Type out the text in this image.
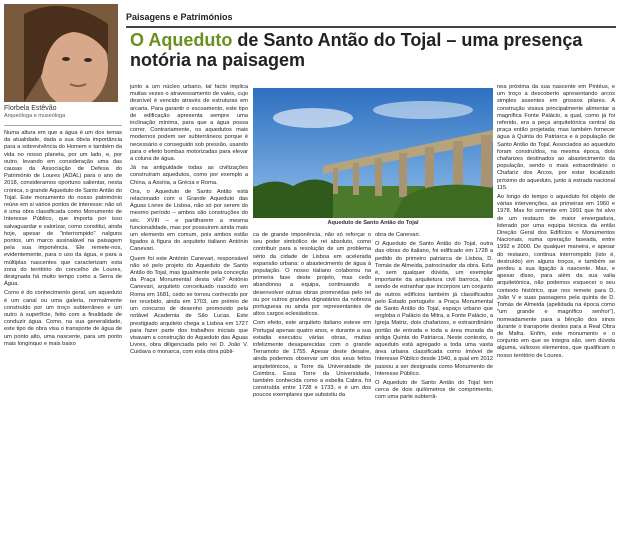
Florbela Estêvão
Arqueóloga e museóloga

Numa altura em que a água é um dos temas da atualidade, dada a sua óbvia importância para a sobrevivência do Homem e também da vida no nosso planeta, por um lado, e, por outro, levando em consideração uma das causas da Associação de Defesa do Património de Loures (ADAL) para o ano de 2018, consideramos oportuno salientar, nesta crónica, o grande Aqueduto de Santo Antão do Tojal. Este monumento do nosso património reúne em si vários pontos de interesse: não só é uma obra classificada como Monumento de Interesse Público, que importa por isso salvaguardar e valorizar, como constitui, ainda hoje, apesar de "interrompido" nalguns pontos, um marco assinalável na paisagem pela sua imponência. Ele remete-nos, evidentemente, para o uso da água, e para a múltiplas nascentes que caracterizam esta zona do território do concelho de Loures, designada há muito tempo como a Serra de Água.

Como é do conhecimento geral, um aqueduto é um canal ou uma galeria, normalmente construído por um troço subterrâneo e um outro à superfície, feito com a finalidade de conduzir água. Como, na sua generalidade, este tipo de obra visa o transporte de água de um ponto alto, uma nascente, para um ponto mais longinquo e mais baixo

Paisagens e Patrimónios
O Aqueduto de Santo Antão do Tojal – uma presença notória na paisagem

junto a um núcleo urbano, tal facto implica muitas vezes o atravessamento de vales, cujo desnível é vencido através de estruturas em arcaria. Para garantir o escoamento, este tipo de edificação apresenta sempre uma inclinação mínima, para que a água possa correr. Contrariamente, os aquedutos mais modernos podem ser subterrâneos porque é necessário e conseguido sob pressão, usando para o efeito bombas motorizadas para elevar a coluna de água.

Já na antiguidade todas as civilizações construíram aquedutos, como por exemplo a China, a Assíria, a Grécia e Roma.

Ora, o Aqueduto de Santo Antão está relacionado com o Grande Aqueduto das Águas Livres de Lisboa, não só por serem do mesmo período – ambos são construções do séc. XVIII – e partilharem a mesma funcionalidade, mas por possuirem ainda mais um elemento em comum, pois ambos estão ligados à figura do arquiteto italiano António Canevari.

Quem foi este António Canevari, responsável não só pelo projeto do Aqueduto de Santo Antão do Tojal, mas igualmente pela conceção da Praça Monumental desta vila? António Canevari, arquiteto conceituado nascido em Roma em 1681, cedo se tornou conhecido por ter recebido, ainda em 1703, um prémio de um concurso de desenho promovido pela notável Academia de São Lucas. Este prestigiado arquiteto chega a Lisboa em 1727 para fazer parte dos trabalhos iniciais que visavam a construção do Aqueduto das Águas Livres, obra diligenciada pelo rei D. João V. Cuidava o monarca, com esta obra públi-

Aqueduto de Santo Antão do Tojal

ca de grande imponência, não só reforçar o seu poder simbólico de rei absoluto, como contribuir para a resolução de um problema sério da cidade de Lisboa em acelerada expansão urbana: o abastecimento de água à população. O nosso italiano colaborou na primeira fase deste projeto, mas cedo abandonou a equipa, continuando a desenvolver outras obras promovidas pelo rei ou por outros grandes dignatários da nobreza portuguesa ou ainda por representantes de altos cargos eclesiásticos.

Com efeito, este arquiteto italiano esteve em Portugal apenas quatro anos, e durante a sua estadia executou várias obras, muitas infelizmente desaparecidas com o grande Terramoto de 1755. Apesar deste desaire, ainda podemos observar um dos seus feitos arquitetónicos, a Torre da Universidade de Coimbra. Essa Torre da Universidade, também conhecida como a esbelta Cabra, foi construída entre 1728 e 1733, e é um dos poucos exemplares que subsistiu da

obra de Canevari.

O Aqueduto de Santo Antão do Tojal, outra das obras do italiano, foi edificado em 1728 a pedido do primeiro patriarca de Lisboa, D. Tomás de Almeida, patrocinador da obra. Esta é, sem qualquer dúvida, um exemplar importante da arquitetura civil barroca, não sendo de estranhar que incorpore um conjunto de outros edifícios também já classificados pelo Estado português: a Praça Monumental de Santo Antão do Tojal, espaço urbano que engloba o Palácio da Mitra, a Fonte Palácio, a Igreja Matriz, dois chafarizes, e extraordinário portão de entrada e toda a área murada da antiga Quinta do Patriarca. Neste contexto, o aqueduto está agregado a toda uma vasta área urbana classificada como Imóvel de Interesse Público desde 1940, a qual em 2012 passou a ser designada como Monumento de Interesse Público.

O Aqueduto de Santo Antão do Tojal tem cerca de dois quilómetros de comprimento, com uma parte subterrâ-

nea próxima da sua nascente em Pintéus, e um troço a descoberto apresentando arcos simples assentes em grossos pilares. A construção visava principalmente alimentar a magnífica Fonte Palácio, a qual, como já foi referido, era a peça arquitetónica central da praça então projetada; mas também fornecer água à Quinta do Patriarca e à população de Santo Antão do Tojal. Associados ao aqueduto foram construídos, na mesma época, dois chafarizes destinados ao abastecimento da população, sendo o mais extraordinário o Chafariz dos Arcos, por estar localizado próximo do aqueduto, junto à estrada nacional 115.

Ao longo do tempo o aqueduto foi objeto de várias intervenções, as primeiras em 1960 e 1978. Mas foi somente em 1991 que foi alvo de um restauro de maior envergadura, liderado por uma equipa técnica da então Direção Geral dos Edifícios e Monumentos Nacionais, numa operação faseada, entre 1992 e 2000. De qualquer maneira, e apesar do restauro, continua interrompido (isto é, destruído) em alguns troços, e também se perdeu a sua ligação à nascente. Mas, e apesar disso, para além da sua valia arquitetónica, não podemos esquecer o seu contexto histórico, que nos remete para D. João V e suas passagens pela quinta de D. Tomás de Almeida (apelidada na época como "um grande e magnífico senhor"), nomeadamente para a bênção dos sinos durante o transporte destes para a Real Obra de Mafra. Enfim, este monumento e o conjunto em que se integra são, sem dúvida alguma, valiosos elementos, que qualificam o nosso território de Loures.
